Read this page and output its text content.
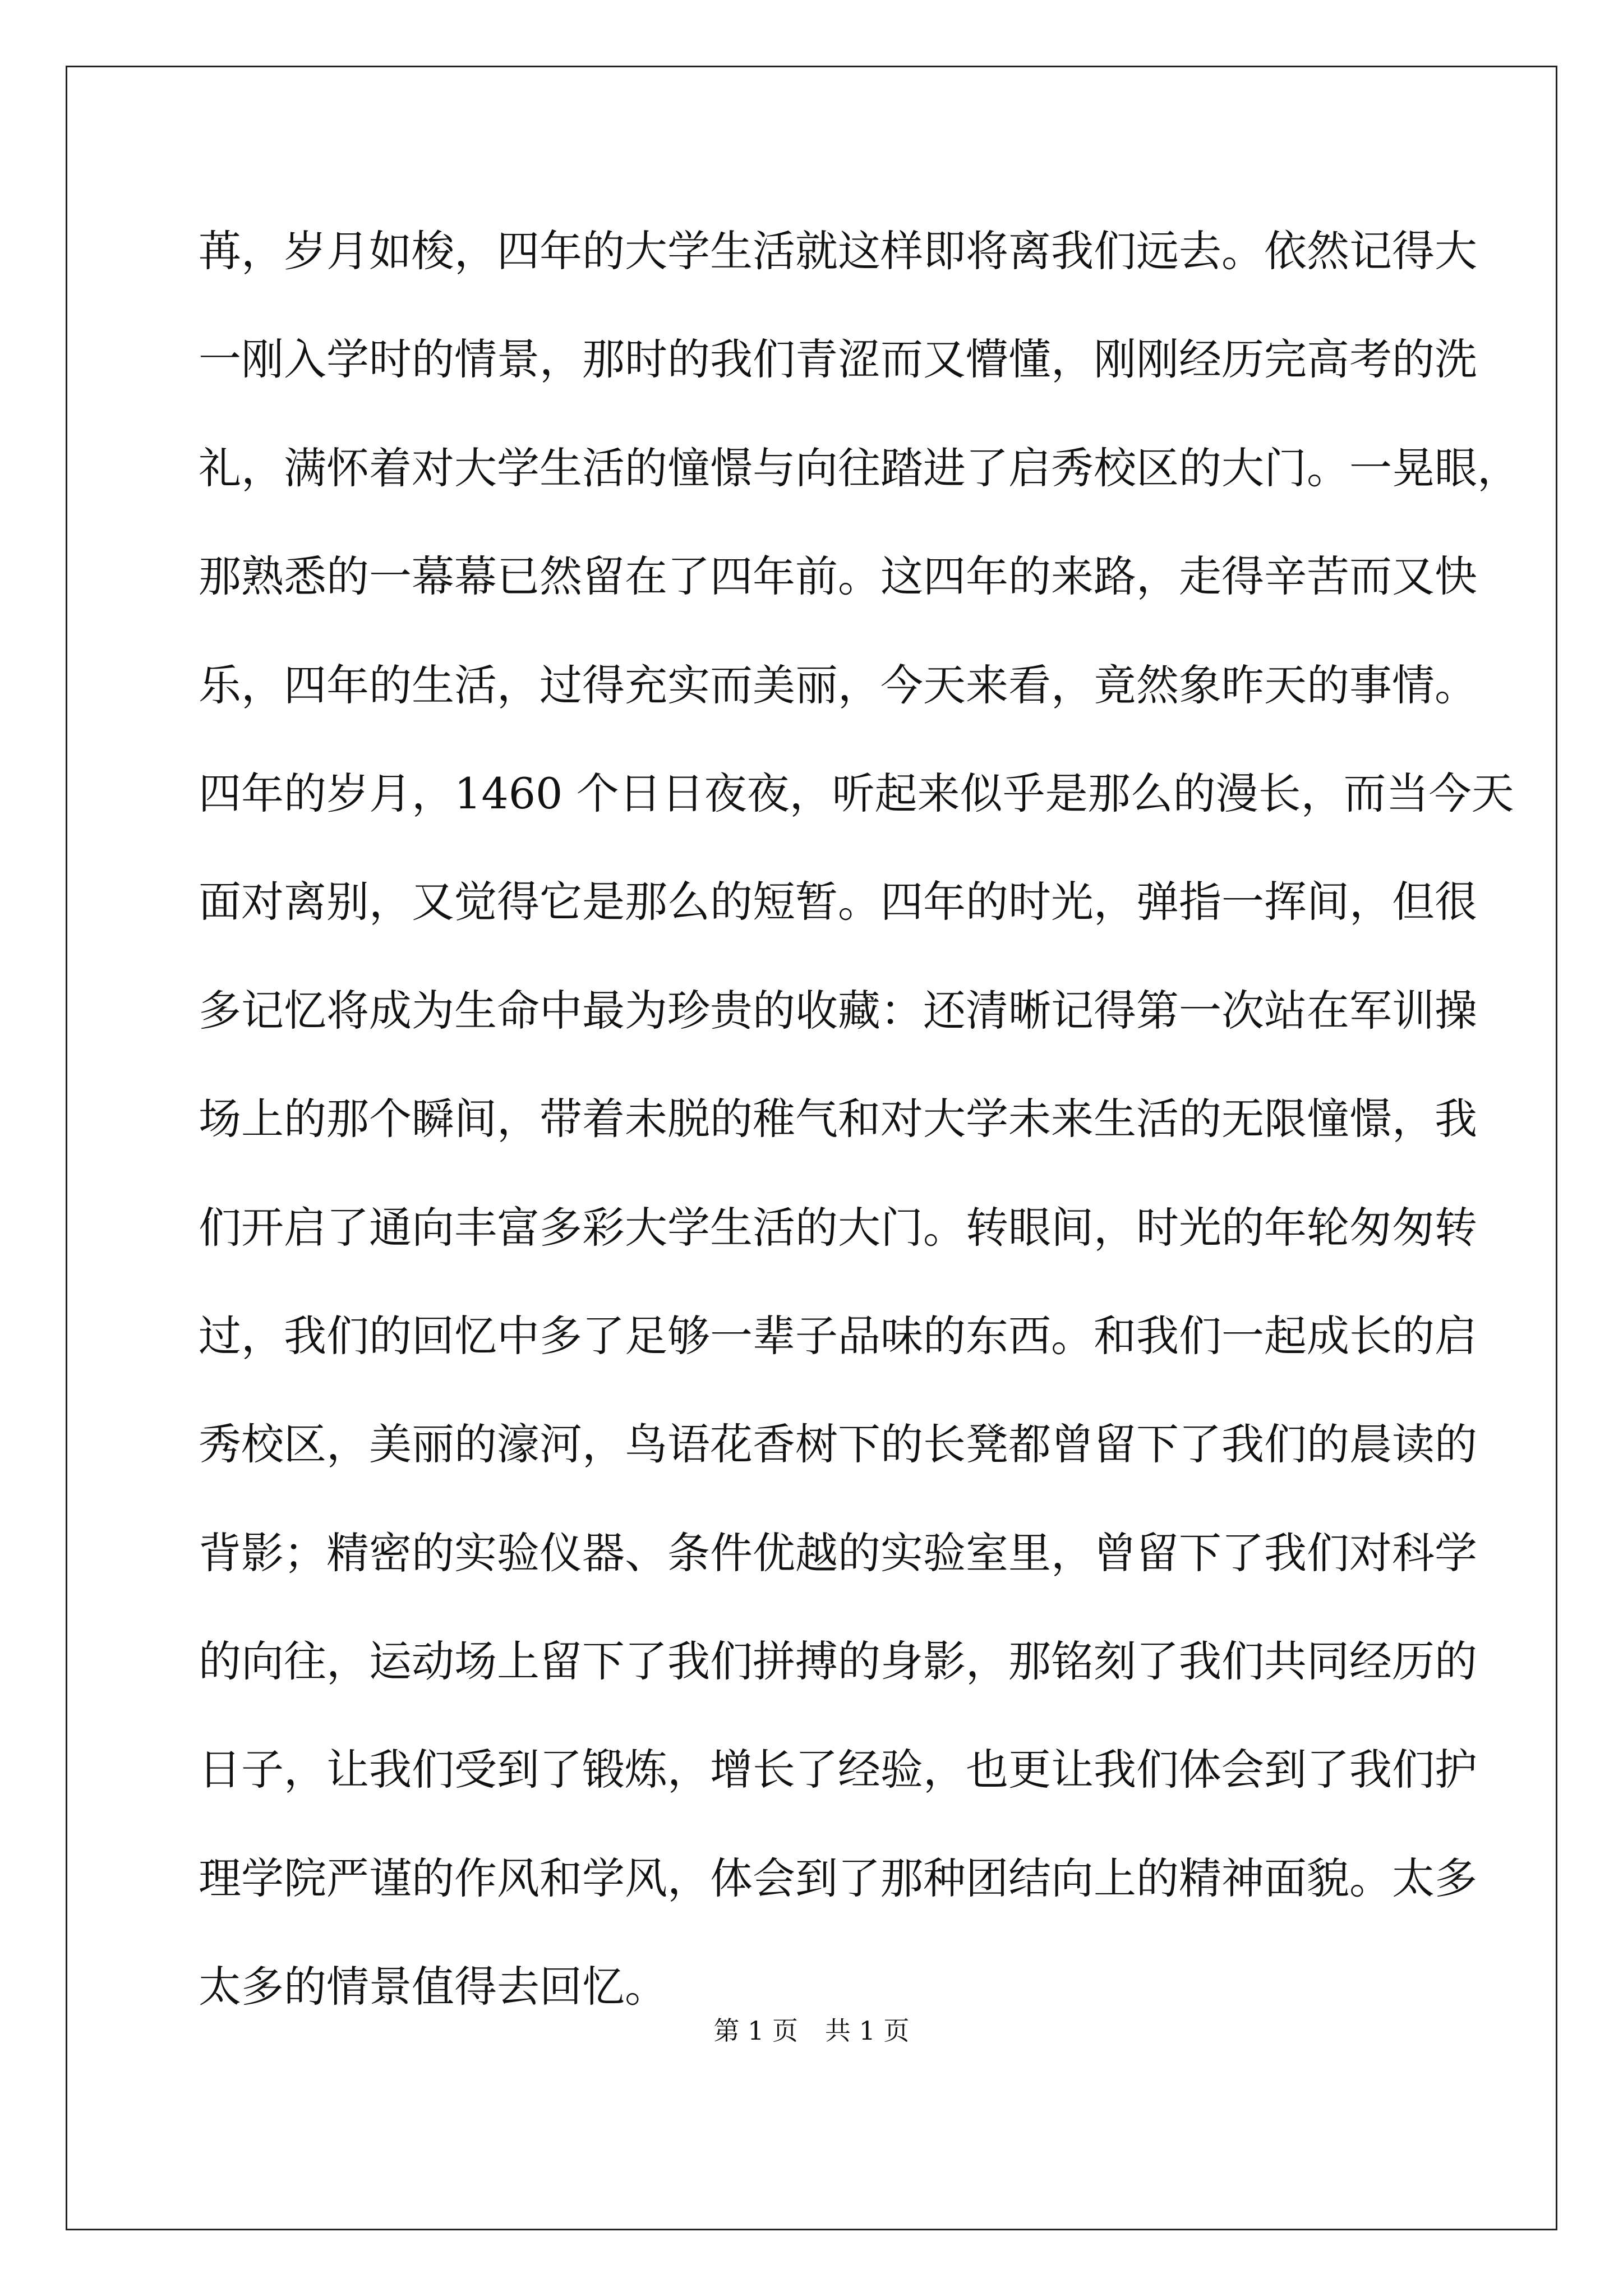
苒，岁月如梭，四年的大学生活就这样即将离我们远去。依然记得大
一刚入学时的情景，那时的我们青涩而又懵懂，刚刚经历完高考的洗
礼，满怀着对大学生活的憧憬与向往踏进了启秀校区的大门。一晃眼，
那熟悉的一幕幕已然留在了四年前。这四年的来路，走得辛苦而又快
乐，四年的生活，过得充实而美丽，今天来看，竟然象昨天的事情。
四年的岁月，1460 个日日夜夜，听起来似乎是那么的漫长，而当今天
面对离别，又觉得它是那么的短暂。四年的时光，弹指一挥间，但很
多记忆将成为生命中最为珍贵的收藏：还清晰记得第一次站在军训操
场上的那个瞬间，带着未脱的稚气和对大学未来生活的无限憧憬，我
们开启了通向丰富多彩大学生活的大门。转眼间，时光的年轮匆匆转
过，我们的回忆中多了足够一辈子品味的东西。和我们一起成长的启
秀校区，美丽的濠河，鸟语花香树下的长凳都曾留下了我们的晨读的
背影；精密的实验仪器、条件优越的实验室里，曾留下了我们对科学
的向往，运动场上留下了我们拼搏的身影，那铭刻了我们共同经历的
日子，让我们受到了锻炼，增长了经验，也更让我们体会到了我们护
理学院严谨的作风和学风，体会到了那种团结向上的精神面貌。太多
太多的情景值得去回忆。
第 1 页 共 1 页
